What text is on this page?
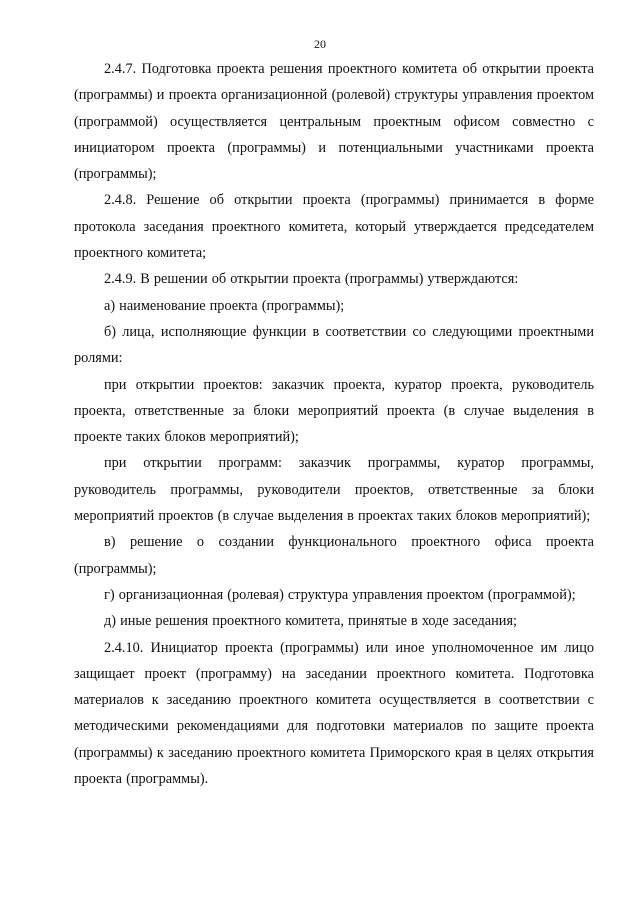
20

2.4.7. Подготовка проекта решения проектного комитета об открытии проекта (программы) и проекта организационной (ролевой) структуры управления проектом (программой) осуществляется центральным проектным офисом совместно с инициатором проекта (программы) и потенциальными участниками проекта (программы);

2.4.8. Решение об открытии проекта (программы) принимается в форме протокола заседания проектного комитета, который утверждается председателем проектного комитета;

2.4.9. В решении об открытии проекта (программы) утверждаются:

а) наименование проекта (программы);

б) лица, исполняющие функции в соответствии со следующими проектными ролями:

при открытии проектов: заказчик проекта, куратор проекта, руководитель проекта, ответственные за блоки мероприятий проекта (в случае выделения в проекте таких блоков мероприятий);

при открытии программ: заказчик программы, куратор программы, руководитель программы, руководители проектов, ответственные за блоки мероприятий проектов (в случае выделения в проектах таких блоков мероприятий);

в) решение о создании функционального проектного офиса проекта (программы);

г) организационная (ролевая) структура управления проектом (программой);

д) иные решения проектного комитета, принятые в ходе заседания;

2.4.10. Инициатор проекта (программы) или иное уполномоченное им лицо защищает проект (программу) на заседании проектного комитета. Подготовка материалов к заседанию проектного комитета осуществляется в соответствии с методическими рекомендациями для подготовки материалов по защите проекта (программы) к заседанию проектного комитета Приморского края в целях открытия проекта (программы).
